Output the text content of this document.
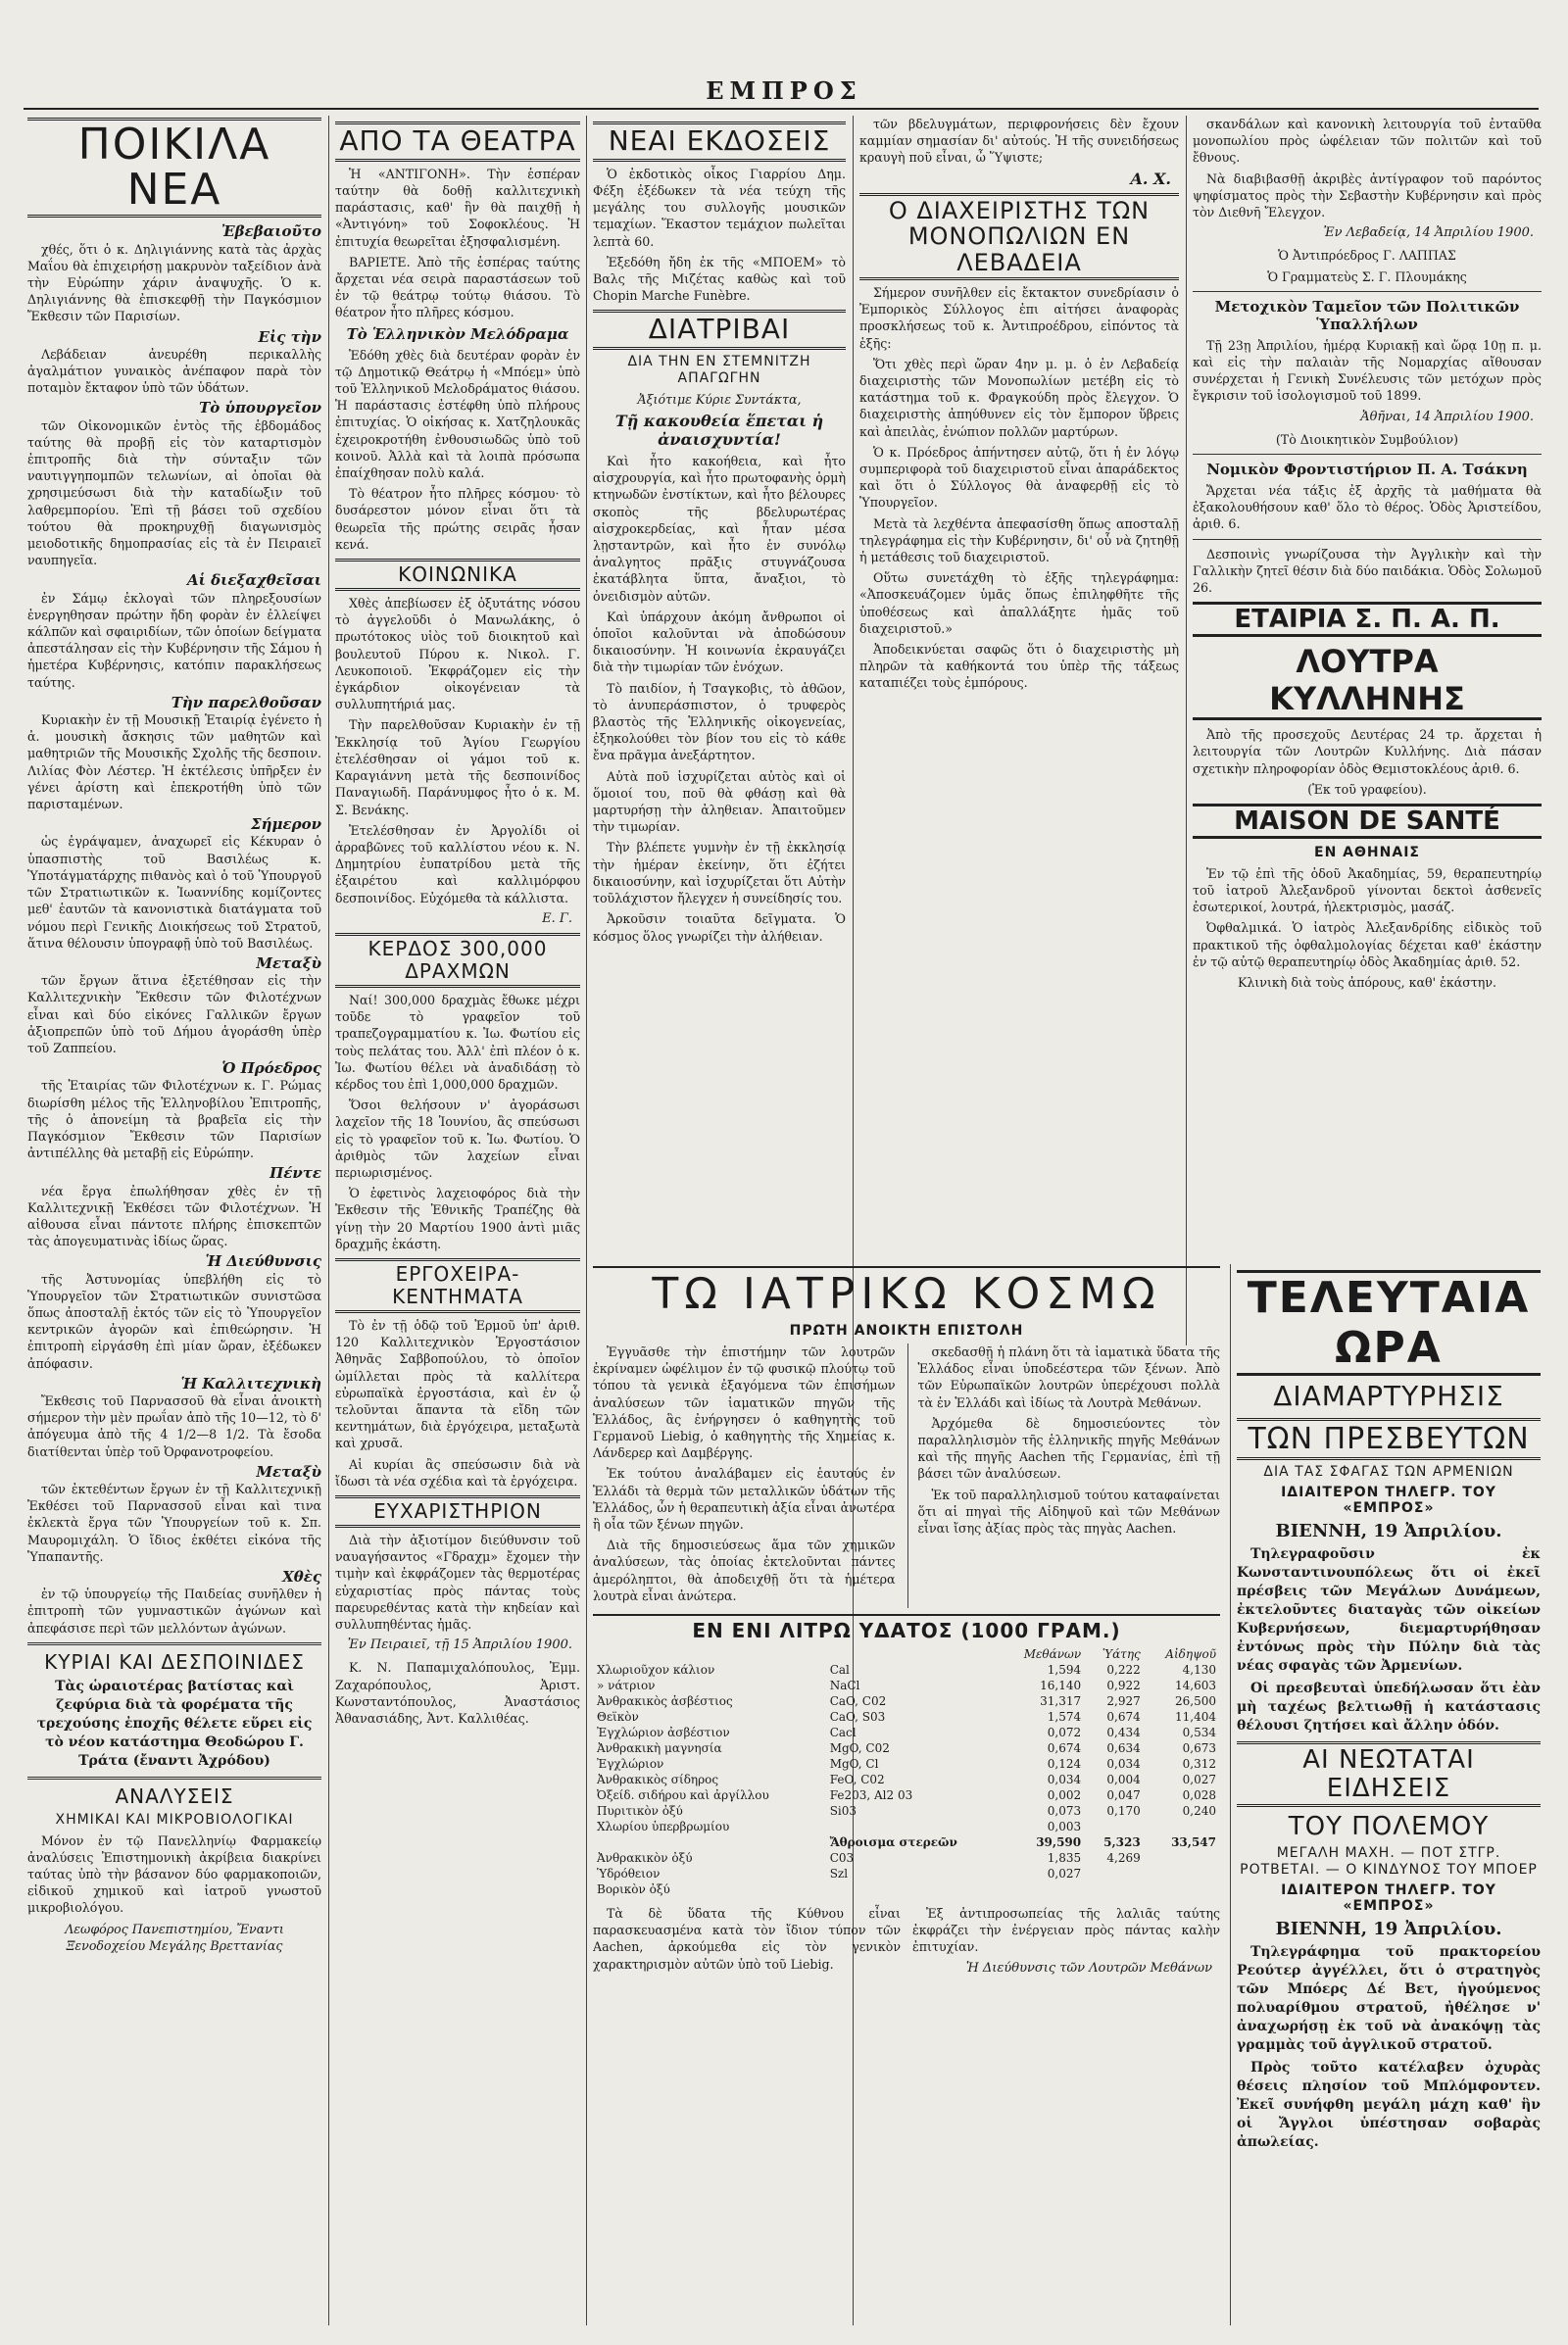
ΕΜΠΡΟΣ
ΠΟΙΚΙΛΑ ΝΕΑ

Ἐβεβαιοῦτο

χθές, ὅτι ὁ κ. Δηλιγιάννης κατὰ τὰς ἀρχὰς Μαΐου θὰ ἐπιχειρήσῃ μακρυνὸν ταξείδιον ἀνὰ τὴν Εὐρώπην χάριν ἀναψυχῆς. Ὁ κ. Δηλιγιάννης θὰ ἐπισκεφθῇ τὴν Παγκόσμιον Ἔκθεσιν τῶν Παρισίων.

Εἰς τὴν

Λεβάδειαν ἀνευρέθη περικαλλὴς ἀγαλμάτιον γυναικὸς ἀνέπαφον παρὰ τὸν ποταμὸν ἔκταφον ὑπὸ τῶν ὑδάτων.

Τὸ ὑπουργεῖον

τῶν Οἰκονομικῶν ἐντὸς τῆς ἑβδομάδος ταύτης θὰ προβῇ εἰς τὸν καταρτισμὸν ἐπιτροπῆς διὰ τὴν σύνταξιν τῶν ναυτιγγηπομπῶν τελωνίων, αἱ ὁποῖαι θὰ χρησιμεύσωσι διὰ τὴν καταδίωξιν τοῦ λαθρεμπορίου. Ἐπὶ τῇ βάσει τοῦ σχεδίου τούτου θὰ προκηρυχθῇ διαγωνισμὸς μειοδοτικῆς δημοπρασίας εἰς τὰ ἐν Πειραιεῖ ναυπηγεῖα.

Αἱ διεξαχθεῖσαι

ἐν Σάμῳ ἐκλογαὶ τῶν πληρεξουσίων ἐνεργηθησαν πρώτην ἤδη φορὰν ἐν ἐλλείψει κάλπῶν καὶ σφαιριδίων, τῶν ὁποίων δείγματα ἀπεστάλησαν εἰς τὴν Κυβέρνησιν τῆς Σάμου ἡ ἡμετέρα Κυβέρνησις, κατόπιν παρακλήσεως ταύτης.

Τὴν παρελθοῦσαν

Κυριακὴν ἐν τῇ Μουσικῇ Ἑταιρίᾳ ἐγένετο ἡ ἀ. μουσικὴ ἄσκησις τῶν μαθητῶν καὶ μαθητριῶν τῆς Μουσικῆς Σχολῆς τῆς δεσποιν. Λιλίας Φὸν Λέστερ. Ἡ ἐκτέλεσις ὑπῆρξεν ἐν γένει ἀρίστη καὶ ἐπεκροτήθη ὑπὸ τῶν παρισταμένων.

Σήμερον

ὡς ἐγράψαμεν, ἀναχωρεῖ εἰς Κέκυραν ὁ ὑπασπιστὴς τοῦ Βασιλέως κ. Ὑποτάγματάρχης πιθανὸς καὶ ὁ τοῦ Ὑπουργοῦ τῶν Στρατιωτικῶν κ. Ἰωαννίδης κομίζοντες μεθ' ἑαυτῶν τὰ κανονιστικὰ διατάγματα τοῦ νόμου περὶ Γενικῆς Διοικήσεως τοῦ Στρατοῦ, ἅτινα θέλουσιν ὑπογραφῇ ὑπὸ τοῦ Βασιλέως.

Μεταξὺ

τῶν ἔργων ἅτινα ἐξετέθησαν εἰς τὴν Καλλιτεχνικὴν Ἔκθεσιν τῶν Φιλοτέχνων εἶναι καὶ δύο εἰκόνες Γαλλικῶν ἔργων ἀξιοπρεπῶν ὑπὸ τοῦ Δήμου ἀγοράσθη ὑπὲρ τοῦ Ζαππείου.

Ὁ Πρόεδρος

τῆς Ἑταιρίας τῶν Φιλοτέχνων κ. Γ. Ρώμας διωρίσθη μέλος τῆς Ἑλληνοβίλου Ἐπιτροπῆς, τῆς ὁ ἀπονείμη τὰ βραβεῖα εἰς τὴν Παγκόσμιον Ἔκθεσιν τῶν Παρισίων ἀντιπέλλης θὰ μεταβῇ εἰς Εὐρώπην.

Πέντε

νέα ἔργα ἐπωλήθησαν χθὲς ἐν τῇ Καλλιτεχνικῇ Ἐκθέσει τῶν Φιλοτέχνων. Ἡ αἰθουσα εἶναι πάντοτε πλήρης ἐπισκεπτῶν τὰς ἀπογευματινὰς ἰδίως ὥρας.

Ἡ Διεύθυνσις

τῆς Ἀστυνομίας ὑπεβλήθη εἰς τὸ Ὑπουργεῖον τῶν Στρατιωτικῶν συνιστῶσα ὅπως ἀποσταλῇ ἐκτός τῶν εἰς τὸ Ὑπουργεῖον κεντρικῶν ἀγορῶν καὶ ἐπιθεώρησιν. Ἡ ἐπιτροπὴ εἰργάσθη ἐπὶ μίαν ὥραν, ἐξέδωκεν ἀπόφασιν.

Ἡ Καλλιτεχνικὴ

Ἔκθεσις τοῦ Παρνασσοῦ θὰ εἶναι ἀνοικτὴ σήμερον τὴν μὲν πρωΐαν ἀπὸ τῆς 10—12, τὸ δ' ἀπόγευμα ἀπὸ τῆς 4 1/2—8 1/2. Τὰ ἔσοδα διατίθενται ὑπὲρ τοῦ Ὀρφανοτροφείου.

Μεταξὺ

τῶν ἐκτεθέντων ἔργων ἐν τῇ Καλλιτεχνικῇ Ἐκθέσει τοῦ Παρνασσοῦ εἶναι καὶ τινα ἐκλεκτὰ ἔργα τῶν Ὑπουργείων τοῦ κ. Σπ. Μαυρομιχάλη. Ὁ ἴδιος ἐκθέτει εἰκόνα τῆς Ὑπαπαντῆς.

Χθὲς

ἐν τῷ ὑπουργείῳ τῆς Παιδείας συνῆλθεν ἡ ἐπιτροπὴ τῶν γυμναστικῶν ἀγώνων καὶ ἀπεφάσισε περὶ τῶν μελλόντων ἀγώνων.

ΚΥΡΙΑΙ ΚΑΙ ΔΕΣΠΟΙΝΙΔΕΣ

Τὰς ὡραιοτέρας βατίστας καὶ ζεφύρια διὰ τὰ φορέματα τῆς τρεχούσης ἐποχῆς θέλετε εὕρει εἰς τὸ νέον κατάστημα Θεοδώρου Γ. Τράτα (ἔναντι Ἀχρόδου)

ΑΝΑΛΥΣΕΙΣ
ΧΗΜΙΚΑΙ ΚΑΙ ΜΙΚΡΟΒΙΟΛΟΓΙΚΑΙ

Μόνον ἐν τῷ Πανελληνίῳ Φαρμακείῳ ἀναλύσεις Ἐπιστημονικὴ ἀκρίβεια διακρίνει ταύτας ὑπὸ τὴν βάσανον δύο φαρμακοποιῶν, εἰδικοῦ χημικοῦ καὶ ἰατροῦ γνωστοῦ μικροβιολόγου.

Λεωφόρος Πανεπιστημίου, Ἔναντι Ξενοδοχείου Μεγάλης Βρεττανίας

ΑΠΟ ΤΑ ΘΕΑΤΡΑ

Ἡ «ΑΝΤΙΓΟΝΗ». Τὴν ἑσπέραν ταύτην θὰ δοθῇ καλλιτεχνικὴ παράστασις, καθ' ἣν θὰ παιχθῇ ἡ «Ἀντιγόνη» τοῦ Σοφοκλέους. Ἡ ἐπιτυχία θεωρεῖται ἐξησφαλισμένη.

ΒΑΡΙΕΤΕ. Ἀπὸ τῆς ἑσπέρας ταύτης ἄρχεται νέα σειρὰ παραστάσεων τοῦ ἐν τῷ θεάτρῳ τούτῳ θιάσου. Τὸ θέατρον ἦτο πλῆρες κόσμου.

Τὸ Ἑλληνικὸν Μελόδραμα

Ἐδόθη χθὲς διὰ δευτέραν φορὰν ἐν τῷ Δημοτικῷ Θεάτρῳ ἡ «Μπόεμ» ὑπὸ τοῦ Ἑλληνικοῦ Μελοδράματος θιάσου. Ἡ παράστασις ἐστέφθη ὑπὸ πλήρους ἐπιτυχίας. Ὁ οἰκήσας κ. Χατζηλουκᾶς ἐχειροκροτήθη ἐνθουσιωδῶς ὑπὸ τοῦ κοινοῦ. Ἀλλὰ καὶ τὰ λοιπὰ πρόσωπα ἐπαίχθησαν πολὺ καλά.

Τὸ θέατρον ἦτο πλῆρες κόσμου· τὸ δυσάρεστον μόνον εἶναι ὅτι τὰ θεωρεῖα τῆς πρώτης σειρᾶς ἦσαν κενά.

ΚΟΙΝΩΝΙΚΑ

Χθὲς ἀπεβίωσεν ἐξ ὀξυτάτης νόσου τὸ ἀγγελοῦδι ὁ Μανωλάκης, ὁ πρωτότοκος υἱὸς τοῦ διοικητοῦ καὶ βουλευτοῦ Πύρου κ. Νικολ. Γ. Λευκοποιοῦ. Ἐκφράζομεν εἰς τὴν ἐγκάρδιον οἰκογένειαν τὰ συλλυπητήριά μας.

Τὴν παρελθοῦσαν Κυριακὴν ἐν τῇ Ἐκκλησίᾳ τοῦ Ἁγίου Γεωργίου ἐτελέσθησαν οἱ γάμοι τοῦ κ. Καραγιάννη μετὰ τῆς δεσποινίδος Παναγιωδῆ. Παράνυμφος ἦτο ὁ κ. Μ. Σ. Βενάκης.

Ἐτελέσθησαν ἐν Ἀργολίδι οἱ ἀρραβῶνες τοῦ καλλίστου νέου κ. Ν. Δημητρίου ἐυπατρίδου μετὰ τῆς ἐξαιρέτου καὶ καλλιμόρφου δεσποινίδος. Εὐχόμεθα τὰ κάλλιστα.

Ε. Γ.

ΚΕΡΔΟΣ 300,000 ΔΡΑΧΜΩΝ

Ναί! 300,000 δραχμὰς ἔθωκε μέχρι τοῦδε τὸ γραφεῖον τοῦ τραπεζογραμματίου κ. Ἰω. Φωτίου εἰς τοὺς πελάτας του. Ἀλλ' ἐπὶ πλέον ὁ κ. Ἰω. Φωτίου θέλει νὰ ἀναδιδάσῃ τὸ κέρδος του ἐπὶ 1,000,000 δραχμῶν.

Ὅσοι θελήσουν ν' ἀγοράσωσι λαχεῖον τῆς 18 Ἰουνίου, ἂς σπεύσωσι εἰς τὸ γραφεῖον τοῦ κ. Ἰω. Φωτίου. Ὁ ἀριθμὸς τῶν λαχείων εἶναι περιωρισμένος.

Ὁ ἐφετινὸς λαχειοφόρος διὰ τὴν Ἐκθεσιν τῆς Ἐθνικῆς Τραπέζης θὰ γίνῃ τὴν 20 Μαρτίου 1900 ἀντὶ μιᾶς δραχμῆς ἑκάστη.

ΕΡΓΟΧΕΙΡΑ-ΚΕΝΤΗΜΑΤΑ

Τὸ ἐν τῇ ὁδῷ τοῦ Ἑρμοῦ ὑπ' ἀριθ. 120 Καλλιτεχνικὸν Ἐργοστάσιον Ἀθηνᾶς Σαββοπούλου, τὸ ὁποῖον ὡμίλλεται πρὸς τὰ καλλίτερα εὐρωπαϊκὰ ἐργοστάσια, καὶ ἐν ᾧ τελοῦνται ἅπαντα τὰ εἴδη τῶν κεντημάτων, διὰ ἐργόχειρα, μεταξωτὰ καὶ χρυσᾶ.

Αἱ κυρίαι ἂς σπεύσωσιν διὰ νὰ ἴδωσι τὰ νέα σχέδια καὶ τὰ ἐργόχειρα.

ΕΥΧΑΡΙΣΤΗΡΙΟΝ

Διὰ τὴν ἀξιοτίμον διεύθυνσιν τοῦ ναυαγήσαντος «Γδραχμ» ἔχομεν τὴν τιμὴν καὶ ἐκφράζομεν τὰς θερμοτέρας εὐχαριστίας πρὸς πάντας τοὺς παρευρεθέντας κατὰ τὴν κηδείαν καὶ συλλυπηθέντας ἡμᾶς.

Ἐν Πειραιεῖ, τῇ 15 Ἀπριλίου 1900.

Κ. Ν. Παπαμιχαλόπουλος, Ἐμμ. Ζαχαρόπουλος, Ἀριστ. Κωνσταντόπουλος, Ἀναστάσιος Ἀθανασιάδης, Ἀντ. Καλλιθέας.

ΝΕΑΙ ΕΚΔΟΣΕΙΣ

Ὁ ἐκδοτικὸς οἶκος Γιαρρίου Δημ. Φέξη ἐξέδωκεν τὰ νέα τεύχη τῆς μεγάλης του συλλογῆς μουσικῶν τεμαχίων. Ἕκαστον τεμάχιον πωλεῖται λεπτὰ 60.

Ἐξεδόθη ἤδη ἐκ τῆς «ΜΠΟΕΜ» τὸ Βαλς τῆς Μιζέτας καθὼς καὶ τοῦ Chopin Marche Funèbre.

ΔΙΑΤΡΙΒΑΙ
ΔΙΑ ΤΗΝ ΕΝ ΣΤΕΜΝΙΤΖΗ ΑΠΑΓΩΓΗΝ

Ἀξιότιμε Κύριε Συντάκτα,

Τῇ κακουθεία ἕπεται ἡ ἀναισχυντία!

Καὶ ἦτο κακοήθεια, καὶ ἦτο αἰσχρουργία, καὶ ἦτο πρωτοφανὴς ὁρμὴ κτηνωδῶν ἐνστίκτων, καὶ ἦτο βέλουρες σκοπὸς τῆς βδελυρωτέρας αἰσχροκερδείας, καὶ ἦταν μέσα λῃσταντρῶν, καὶ ἦτο ἐν συνόλῳ ἀναλγητος πρᾶξις στυγνάζουσα ἐκατάβλητα ὕπτα, ἄναξιοι, τὸ ὀνειδισμὸν αὐτῶν.

Καὶ ὑπάρχουν ἀκόμη ἄνθρωποι οἱ ὁποῖοι καλοῦνται νὰ ἀποδώσουν δικαιοσύνην. Ἡ κοινωνία ἐκραυγάζει διὰ τὴν τιμωρίαν τῶν ἐνόχων.

Τὸ παιδίον, ἡ Τσαγκοβις, τὸ ἀθῶον, τὸ ἀνυπεράσπιστον, ὁ τρυφερὸς βλαστὸς τῆς Ἑλληνικῆς οἰκογενείας, ἐξηκολούθει τὸν βίον του εἰς τὸ κάθε ἔνα πρᾶγμα ἀνεξάρτητον.

Αὐτὰ ποῦ ἰσχυρίζεται αὐτὸς καὶ οἱ ὅμοιοί του, ποῦ θὰ φθάσῃ καὶ θὰ μαρτυρήσῃ τὴν ἀληθειαν. Ἀπαιτοῦμεν τὴν τιμωρίαν.

Τὴν βλέπετε γυμνὴν ἐν τῇ ἐκκλησίᾳ τὴν ἡμέραν ἐκείνην, ὅτι ἐζήτει δικαιοσύνην, καὶ ἰσχυρίζεται ὅτι Αὐτὴν τοῦλάχιστον ἤλεγχεν ἡ συνείδησίς του.

Ἀρκοῦσιν τοιαῦτα δεῖγματα. Ὁ κόσμος ὅλος γνωρίζει τὴν ἀλήθειαν.

τῶν βδελυγμάτων, περιφρονήσεις δὲν ἔχουν καμμίαν σημασίαν δι' αὐτούς. Ἡ τῆς συνειδήσεως κραυγὴ ποῦ εἶναι, ὦ Ὕψιστε;

Α. Χ.

Ο ΔΙΑΧΕΙΡΙΣΤΗΣ ΤΩΝ ΜΟΝΟΠΩΛΙΩΝ ΕΝ ΛΕΒΑΔΕΙΑ

Σήμερον συνῆλθεν εἰς ἔκτακτον συνεδρίασιν ὁ Ἐμπορικὸς Σύλλογος ἐπι αἰτήσει ἀναφορὰς προσκλήσεως τοῦ κ. Ἀντιπροέδρου, εἰπόντος τὰ ἑξῆς:

Ὅτι χθὲς περὶ ὥραν 4ην μ. μ. ὁ ἐν Λεβαδείᾳ διαχειριστὴς τῶν Μονοπωλίων μετέβη εἰς τὸ κατάστημα τοῦ κ. Φραγκούδη πρὸς ἔλεγχον. Ὁ διαχειριστὴς ἀπηύθυνεν εἰς τὸν ἔμπορον ὕβρεις καὶ ἀπειλὰς, ἐνώπιον πολλῶν μαρτύρων.

Ὁ κ. Πρόεδρος ἀπήντησεν αὐτῷ, ὅτι ἡ ἐν λόγῳ συμπεριφορὰ τοῦ διαχειριστοῦ εἶναι ἀπαράδεκτος καὶ ὅτι ὁ Σύλλογος θὰ ἀναφερθῇ εἰς τὸ Ὑπουργεῖον.

Μετὰ τὰ λεχθέντα ἀπεφασίσθη ὅπως αποσταλῇ τηλεγράφημα εἰς τὴν Κυβέρνησιν, δι' οὗ νὰ ζητηθῇ ἡ μετάθεσις τοῦ διαχειριστοῦ.

Οὕτω συνετάχθη τὸ ἑξῆς τηλεγράφημα: «Ἀποσκευάζομεν ὑμᾶς ὅπως ἐπιληφθῆτε τῆς ὑποθέσεως καὶ ἀπαλλάξητε ἡμᾶς τοῦ διαχειριστοῦ.»

Ἀποδεικνύεται σαφῶς ὅτι ὁ διαχειριστὴς μὴ πληρῶν τὰ καθήκοντά του ὑπὲρ τῆς τάξεως καταπιέζει τοὺς ἐμπόρους.

σκανδάλων καὶ κανονικὴ λειτουργία τοῦ ἐνταῦθα μονοπωλίου πρὸς ὠφέλειαν τῶν πολιτῶν καὶ τοῦ ἔθνους.

Νὰ διαβιβασθῇ ἀκριβὲς ἀντίγραφον τοῦ παρόντος ψηφίσματος πρὸς τὴν Σεβαστὴν Κυβέρνησιν καὶ πρὸς τὸν Διεθνῆ Ἔλεγχον.

Ἐν Λεβαδείᾳ, 14 Ἀπριλίου 1900.

Ὁ Ἀντιπρόεδρος Γ. ΛΑΠΠΑΣ

Ὁ Γραμματεὺς Σ. Γ. Πλουμάκης

Μετοχικὸν Ταμεῖον τῶν Πολιτικῶν Ὑπαλλήλων

Τῇ 23ῃ Ἀπριλίου, ἡμέρᾳ Κυριακῇ καὶ ὥρᾳ 10ῃ π. μ. καὶ εἰς τὴν παλαιὰν τῆς Νομαρχίας αἴθουσαν συνέρχεται ἡ Γενικὴ Συνέλευσις τῶν μετόχων πρὸς ἔγκρισιν τοῦ ἰσολογισμοῦ τοῦ 1899.

Ἀθῆναι, 14 Ἀπριλίου 1900.

(Τὸ Διοικητικὸν Συμβούλιον)

Νομικὸν Φροντιστήριον Π. Α. Τσάκνη

Ἄρχεται νέα τάξις ἐξ ἀρχῆς τὰ μαθήματα θὰ ἐξακολουθήσουν καθ' ὅλο τὸ θέρος. Ὁδὸς Ἀριστείδου, ἀριθ. 6.

Δεσποινὶς γνωρίζουσα τὴν Ἀγγλικὴν καὶ τὴν Γαλλικὴν ζητεῖ θέσιν διὰ δύο παιδάκια. Ὁδὸς Σολωμοῦ 26.

ΕΤΑΙΡΙΑ Σ. Π. Α. Π.
ΛΟΥΤΡΑ ΚΥΛΛΗΝΗΣ

Ἀπὸ τῆς προσεχοῦς Δευτέρας 24 τρ. ἄρχεται ἡ λειτουργία τῶν Λουτρῶν Κυλλήνης. Διὰ πάσαν σχετικὴν πληροφορίαν ὁδὸς Θεμιστοκλέους ἀριθ. 6.

(Ἐκ τοῦ γραφείου).

MAISON DE SANTÉ
ΕΝ ΑΘΗΝΑΙΣ

Ἐν τῷ ἐπὶ τῆς ὁδοῦ Ἀκαδημίας, 59, θεραπευτηρίῳ τοῦ ἰατροῦ Ἀλεξανδροῦ γίνονται δεκτοὶ ἀσθενεῖς ἐσωτερικοί, λουτρά, ἠλεκτρισμὸς, μασάζ.

Ὀφθαλμικά. Ὁ ἰατρὸς Ἀλεξανδρίδης εἰδικὸς τοῦ πρακτικοῦ τῆς ὀφθαλμολογίας δέχεται καθ' ἑκάστην ἐν τῷ αὐτῷ θεραπευτηρίῳ ὁδὸς Ἀκαδημίας ἀριθ. 52.

Κλινικὴ διὰ τοὺς ἀπόρους, καθ' ἑκάστην.

ΤΩ ΙΑΤΡΙΚΩ ΚΟΣΜΩ
ΠΡΩΤΗ ΑΝΟΙΚΤΗ ΕΠΙΣΤΟΛΗ

Ἐγγυᾶσθε τὴν ἐπιστήμην τῶν λουτρῶν ἐκρίναμεν ὠφέλιμον ἐν τῷ φυσικῷ πλούτῳ τοῦ τόπου τὰ γενικὰ ἐξαγόμενα τῶν ἐπισήμων ἀναλύσεων τῶν ἰαματικῶν πηγῶν τῆς Ἑλλάδος, ἃς ἐνήργησεν ὁ καθηγητὴς τοῦ Γερμανοῦ Liebig, ὁ καθηγητὴς τῆς Χημείας κ. Λάνδερερ καὶ Δαμβέργης.

Ἐκ τούτου ἀναλάβαμεν εἰς ἑαυτούς ἐν Ἑλλάδι τὰ θερμὰ τῶν μεταλλικῶν ὑδάτων τῆς Ἑλλάδος, ὧν ἡ θεραπευτικὴ ἀξία εἶναι ἀνωτέρα ἢ οἷα τῶν ξένων πηγῶν.

Διὰ τῆς δημοσιεύσεως ἅμα τῶν χημικῶν ἀναλύσεων, τὰς ὁποίας ἐκτελοῦνται πάντες ἀμερόληπτοι, θὰ ἀποδειχθῇ ὅτι τὰ ἡμέτερα λουτρὰ εἶναι ἀνώτερα.

σκεδασθῇ ἡ πλάνη ὅτι τὰ ἰαματικὰ ὕδατα τῆς Ἑλλάδος εἶναι ὑποδεέστερα τῶν ξένων. Ἀπὸ τῶν Εὐρωπαϊκῶν λουτρῶν ὑπερέχουσι πολλὰ τὰ ἐν Ἑλλάδι καὶ ἰδίως τὰ Λουτρὰ Μεθάνων.

Ἀρχόμεθα δὲ δημοσιεύοντες τὸν παραλληλισμὸν τῆς ἑλληνικῆς πηγῆς Μεθάνων καὶ τῆς πηγῆς Aachen τῆς Γερμανίας, ἐπὶ τῇ βάσει τῶν ἀναλύσεων.

Ἐκ τοῦ παραλληλισμοῦ τούτου καταφαίνεται ὅτι αἱ πηγαὶ τῆς Αἰδηψοῦ καὶ τῶν Μεθάνων εἶναι ἴσης ἀξίας πρὸς τὰς πηγὰς Aachen.

ΕΝ ΕΝΙ ΛΙΤΡΩ ΥΔΑΤΟΣ (1000 ΓΡΑΜ.)
		Μεθάνων	Ὑάτης	Αἰδηψοῦ
Χλωριοῦχον κάλιον	Cal	1,594	0,222	4,130
» νάτριον	NaCl	16,140	0,922	14,603
Ἀνθρακικὸς ἀσβέστιος	CaO, C02	31,317	2,927	26,500
Θεϊκὸν	CaO, S03	1,574	0,674	11,404
Ἐγχλώριον ἀσβέστιον	Cacl	0,072	0,434	0,534
Ἀνθρακικὴ μαγνησία	MgO, C02	0,674	0,634	0,673
Ἐγχλώριον	MgO, Cl	0,124	0,034	0,312
Ἀνθρακικὸς σίδηρος	FeO, C02	0,034	0,004	0,027
Ὀξείδ. σιδήρου καὶ ἀργίλλου	Fe203, Al2 03	0,002	0,047	0,028
Πυριτικὸν ὀξύ	Si03	0,073	0,170	0,240
Χλωρίου ὑπερβρωμίου		0,003		
	Ἄθροισμα στερεῶν	39,590	5,323	33,547
Ἀνθρακικὸν ὀξύ	C03	1,835	4,269	
Ὑδρόθειον	Szl	0,027		
Βορικὸν ὀξύ				

Τὰ δὲ ὕδατα τῆς Κύθνου εἶναι παρασκευασμένα κατὰ τὸν ἴδιον τύπον τῶν Aachen, ἀρκούμεθα εἰς τὸν γενικὸν χαρακτηρισμὸν αὐτῶν ὑπὸ τοῦ Liebig.

Ἐξ ἀντιπροσωπείας τῆς λαλιᾶς ταύτης ἐκφράζει τὴν ἐνέργειαν πρὸς πάντας καλὴν ἐπιτυχίαν.

Ἡ Διεύθυνσις τῶν Λουτρῶν Μεθάνων

ΤΕΛΕΥΤΑΙΑ ΩΡΑ
ΔΙΑΜΑΡΤΥΡΗΣΙΣ
ΤΩΝ ΠΡΕΣΒΕΥΤΩΝ
ΔΙΑ ΤΑΣ ΣΦΑΓΑΣ ΤΩΝ ΑΡΜΕΝΙΩΝ
ΙΔΙΑΙΤΕΡΟΝ ΤΗΛΕΓΡ. ΤΟΥ «ΕΜΠΡΟΣ»
ΒΙΕΝΝΗ, 19 Ἀπριλίου.

Τηλεγραφοῦσιν ἐκ Κωνσταντινουπόλεως ὅτι οἱ ἐκεῖ πρέσβεις τῶν Μεγάλων Δυνάμεων, ἐκτελοῦντες διαταγὰς τῶν οἰκείων Κυβερνήσεων, διεμαρτυρήθησαν ἐντόνως πρὸς τὴν Πύλην διὰ τὰς νέας σφαγὰς τῶν Ἀρμενίων.

Οἱ πρεσβευταὶ ὑπεδήλωσαν ὅτι ἐὰν μὴ ταχέως βελτιωθῇ ἡ κατάστασις θέλουσι ζητήσει καὶ ἄλλην ὁδόν.

ΑΙ ΝΕΩΤΑΤΑΙ ΕΙΔΗΣΕΙΣ
ΤΟΥ ΠΟΛΕΜΟΥ
ΜΕΓΑΛΗ ΜΑΧΗ. — ΠΟΤ ΣΤΓΡ. ΡΟΤΒΕΤΑΙ. — Ο ΚΙΝΔΥΝΟΣ ΤΟΥ ΜΠΟΕΡ
ΙΔΙΑΙΤΕΡΟΝ ΤΗΛΕΓΡ. ΤΟΥ «ΕΜΠΡΟΣ»
ΒΙΕΝΝΗ, 19 Ἀπριλίου.

Τηλεγράφημα τοῦ πρακτορείου Ρεούτερ ἀγγέλλει, ὅτι ὁ στρατηγὸς τῶν Μπόερς Δέ Βετ, ἡγούμενος πολυαρίθμου στρατοῦ, ἠθέλησε ν' ἀναχωρήσῃ ἐκ τοῦ νὰ ἀνακόψῃ τὰς γραμμὰς τοῦ ἀγγλικοῦ στρατοῦ.

Πρὸς τοῦτο κατέλαβεν ὀχυρὰς θέσεις πλησίον τοῦ Μπλόμφοντεν. Ἐκεῖ συνήφθη μεγάλη μάχη καθ' ἣν οἱ Ἄγγλοι ὑπέστησαν σοβαρὰς ἀπωλείας.
